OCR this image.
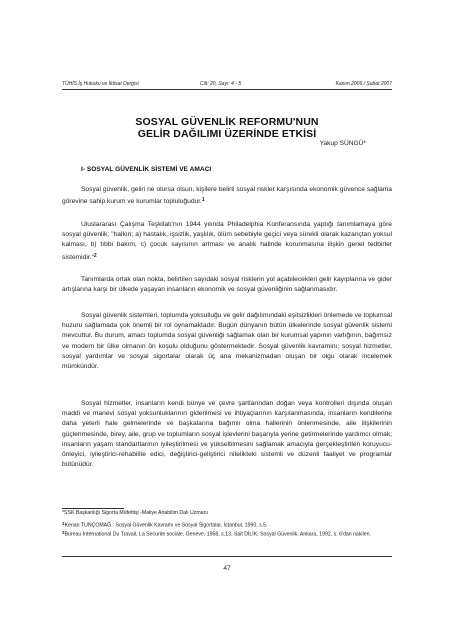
TÜHİS İş Hukuku ve İktisat Dergisi	Cilt: 20, Sayı: 4 - 5	Kasım 2006 / Şubat 2007
SOSYAL GÜVENLİK REFORMU'NUN
GELİR DAĞILIMI ÜZERİNDE ETKİSİ
Yakup SÜNGÜ*
I- SOSYAL GÜVENLİK SİSTEMİ VE AMACI
Sosyal güvenlik, geliri ne olursa olsun, kişilere belirli sosyal riskler karşısında ekonomik güvence sağlama görevine sahip kurum ve kurumlar topluluğudur.$^1$
Uluslararası Çalışma Teşkilatı'nın 1944 yılında Philadelphia Konferansında yaptığı tanımlamaya göre sosyal güvenlik; "halkın; a) hastalık, işsizlik, yaşlılık, ölüm sebebiyle geçici veya sürekli olarak kazançtan yoksul kalması, b) tıbbi bakım, c) çocuk sayısının artması ve analık halinde korunmasına ilişkin genel tedbirler sistemidir."$^2$
Tanımlarda ortak olan nokta, belirtilen sayıdaki sosyal risklerin yol açabilecekleri gelir kayıplarına ve gider artışlarına karşı bir ülkede yaşayan insanların ekonomik ve sosyal güvenliğinin sağlanmasıdır.
Sosyal güvenlik sistemleri, toplumda yoksulluğu ve gelir dağılımındaki eşitsizlikleri önlemede ve toplumsal huzuru sağlamada çok önemli bir rol oynamaktadır. Bugün dünyanın bütün ülkelerinde sosyal güvenlik sistemi mevcuttur. Bu durum, amacı toplumda sosyal güvenliği sağlamak olan bir kurumsal yapının varlığının, bağımsız ve modern bir ülke olmanın ön koşulu olduğunu göstermektedir. Sosyal güvenlik kavramını; sosyal hizmetler, sosyal yardımlar ve sosyal sigortalar olarak üç ana mekanizmadan oluşan bir olgu olarak incelemek mümkündür.
Sosyal hizmetler, insanların kendi bünye ve çevre şartlarından doğan veya kontrolleri dışında oluşan maddi ve manevi sosyal yoksunluklarının giderilmesi ve ihtiyaçlarının karşılanmasında, insanların kendilerine daha yeterli hale gelmelerinde ve başkalarına bağımlı olma hallerinin önlenmesinde, aile ilişkilerinin güçlenmesinde, birey, aile, grup ve toplumların sosyal işlevlerini başarıyla yerine getirmelerinde yardımcı olmak; insanların yaşam standartlarının iyileştirilmesi ve yükseltilmesini sağlamak amacıyla gerçekleştirilen koruyucu-önleyici, iyileştirici-rehabilite edici, değiştirici-geliştirici nitelikteki sistemli ve düzenli faaliyet ve programlar bütünüdür.
*SSK Başkanlığı Sigorta Müfettişi -Maliye Anabilim Dalı Uzmanı
$^1$Kenan TUNÇOMAĞ : Sosyal Güvenlik Kavramı ve Sosyal Sigortalar, İstanbul, 1990, s.5.
$^2$Bureau International Du Travail, La Securite sociale, Geneve, 1958, s.13. Sait DİLİK, Sosyal Güvenlik, Ankara, 1992, s. 6'dan nakilen.
47
